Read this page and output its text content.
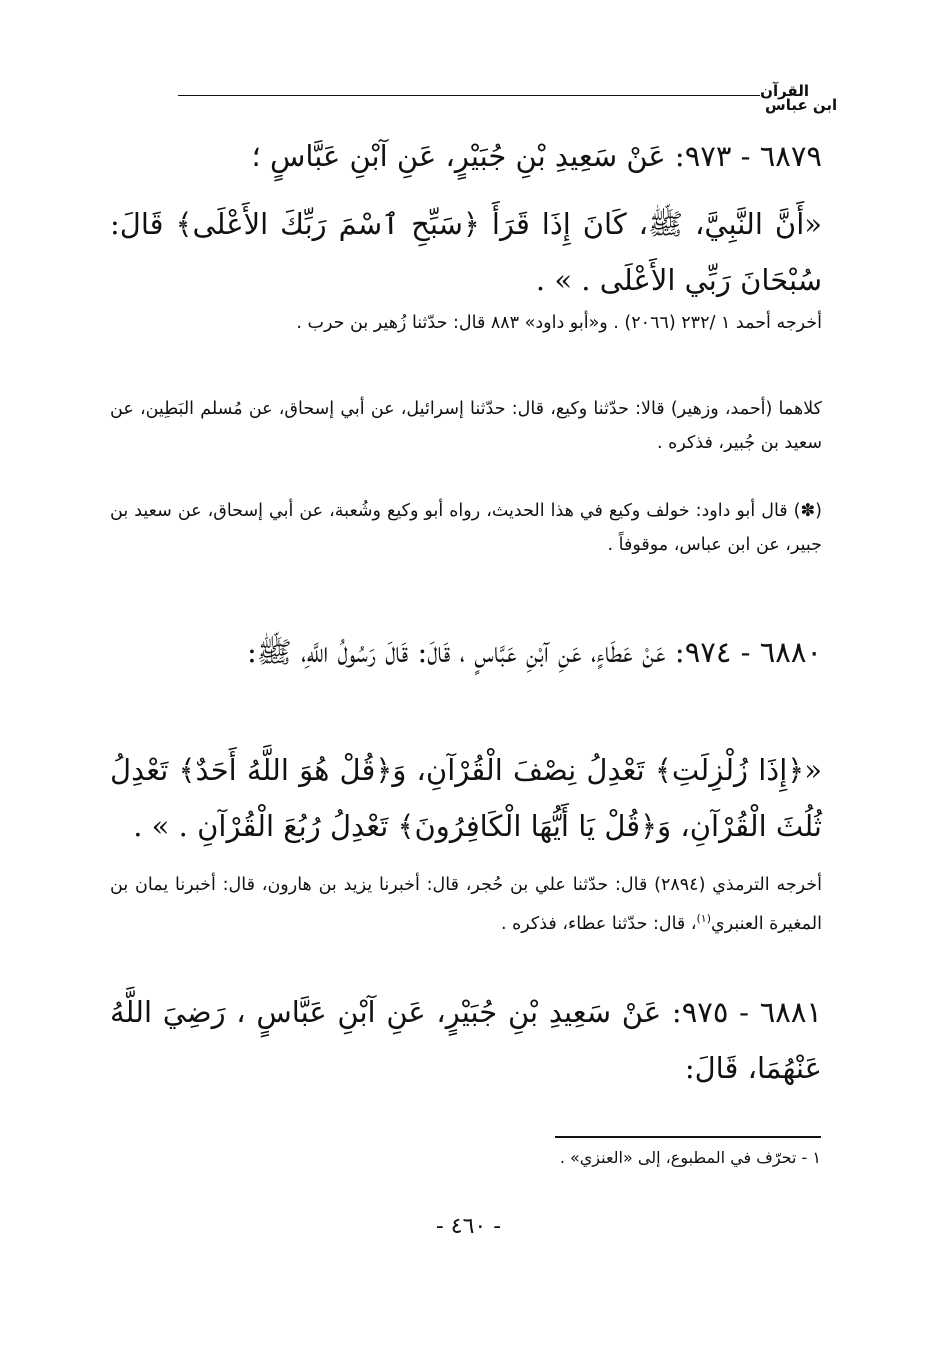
القرآن
ابن عباس
٦٨٧٩ - ٩٧٣: عَنْ سَعِيدِ بْنِ جُبَيْرٍ، عَنِ آبْنِ عَبَّاسٍ ؛
«أَنَّ النَّبِيَّ، ﷺ، كَانَ إِذَا قَرَأَ ﴿سَبِّحِ ٱسْمَ رَبِّكَ الأَعْلَى﴾ قَالَ: سُبْحَانَ رَبِّي الأَعْلَى . » .
أخرجه أحمد ١ /٢٣٢ (٢٠٦٦) . و«أبو داود» ٨٨٣ قال: حدّثنا زُهير بن حرب .
كلاهما (أحمد، وزهير) قالا: حدّثنا وكيع، قال: حدّثنا إسرائيل، عن أبي إسحاق، عن مُسلم البَطِين، عن سعيد بن جُبير، فذكره .
(✽) قال أبو داود: خولف وكيع في هذا الحديث، رواه أبو وكيع وشُعبة، عن أبي إسحاق، عن سعيد بن جبير، عن ابن عباس، موقوفاً .
٦٨٨٠ - ٩٧٤: عَنْ عَطَاءٍ، عَنِ آبْنِ عَبَّاسٍ ، قَالَ: قَالَ رَسُولُ اللَّهِ، ﷺ:
«﴿إِذَا زُلْزِلَتِ﴾ تَعْدِلُ نِصْفَ الْقُرْآنِ، وَ﴿قُلْ هُوَ اللَّهُ أَحَدٌ﴾ تَعْدِلُ ثُلُثَ الْقُرْآنِ، وَ﴿قُلْ يَا أَيُّهَا الْكَافِرُونَ﴾ تَعْدِلُ رُبُعَ الْقُرْآنِ . » .
أخرجه الترمذي (٢٨٩٤) قال: حدّثنا علي بن حُجر، قال: أخبرنا يزيد بن هارون، قال: أخبرنا يمان بن المغيرة العنبري$^{(١)}$، قال: حدّثنا عطاء، فذكره .
٦٨٨١ - ٩٧٥: عَنْ سَعِيدِ بْنِ جُبَيْرٍ، عَنِ آبْنِ عَبَّاسٍ ، رَضِيَ اللَّهُ عَنْهُمَا، قَالَ:
١ - تحرّف في المطبوع، إلى «العنزي» .
- ٤٦٠ -
